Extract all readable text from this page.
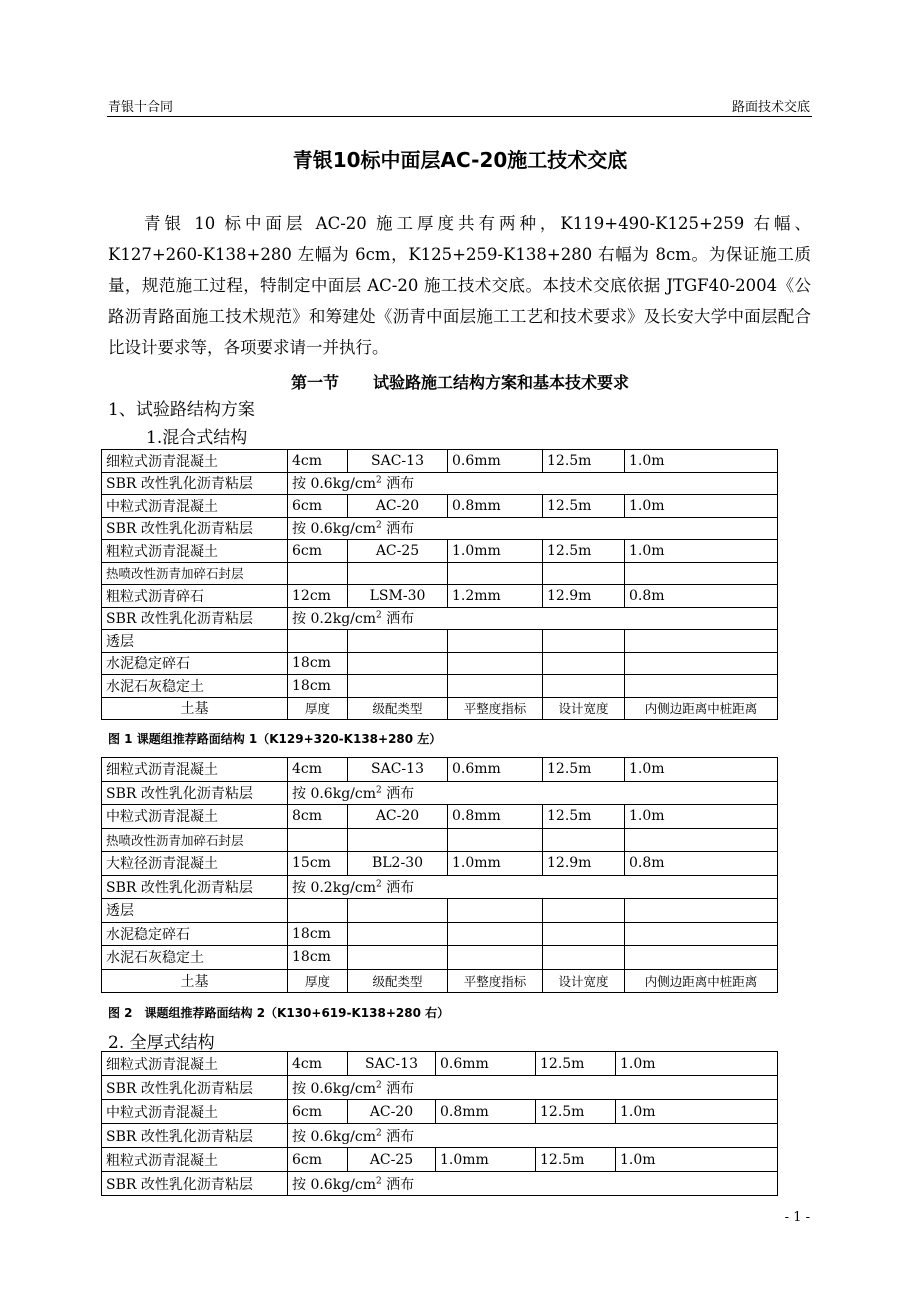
青银十合同	路面技术交底
青银10标中面层AC-20施工技术交底

青银 10 标中面层 AC-20 施工厚度共有两种，K119+490-K125+259 右幅、K127+260-K138+280 左幅为 6cm，K125+259-K138+280 右幅为 8cm。为保证施工质量，规范施工过程，特制定中面层 AC-20 施工技术交底。本技术交底依据 JTGF40-2004《公路沥青路面施工技术规范》和筹建处《沥青中面层施工工艺和技术要求》及长安大学中面层配合比设计要求等，各项要求请一并执行。

第一节 试验路施工结构方案和基本技术要求
1、试验路结构方案
1.混合式结构
细粒式沥青混凝土	4cm	SAC-13	0.6mm	12.5m	1.0m
SBR 改性乳化沥青粘层	按 $0.6kg/cm^2$ 洒布				
中粒式沥青混凝土	6cm	AC-20	0.8mm	12.5m	1.0m
SBR 改性乳化沥青粘层	按 $0.6kg/cm^2$ 洒布				
粗粒式沥青混凝土	6cm	AC-25	1.0mm	12.5m	1.0m
热喷改性沥青加碎石封层					
粗粒式沥青碎石	12cm	LSM-30	1.2mm	12.9m	0.8m
SBR 改性乳化沥青粘层	按 $0.2kg/cm^2$ 洒布				
透层					
水泥稳定碎石	18cm				
水泥石灰稳定土	18cm				
土基	厚度	级配类型	平整度指标	设计宽度	内侧边距离中桩距离
图 1 课题组推荐路面结构 1（K129+320-K138+280 左）
细粒式沥青混凝土	4cm	SAC-13	0.6mm	12.5m	1.0m
SBR 改性乳化沥青粘层	按 $0.6kg/cm^2$ 洒布				
中粒式沥青混凝土	8cm	AC-20	0.8mm	12.5m	1.0m
热喷改性沥青加碎石封层					
大粒径沥青混凝土	15cm	BL2-30	1.0mm	12.9m	0.8m
SBR 改性乳化沥青粘层	按 $0.2kg/cm^2$ 洒布				
透层					
水泥稳定碎石	18cm				
水泥石灰稳定土	18cm				
土基	厚度	级配类型	平整度指标	设计宽度	内侧边距离中桩距离
图 2　课题组推荐路面结构 2（K130+619-K138+280 右）
2. 全厚式结构
细粒式沥青混凝土	4cm	SAC-13	0.6mm	12.5m	1.0m
SBR 改性乳化沥青粘层	按 $0.6kg/cm^2$ 洒布				
中粒式沥青混凝土	6cm	AC-20	0.8mm	12.5m	1.0m
SBR 改性乳化沥青粘层	按 $0.6kg/cm^2$ 洒布				
粗粒式沥青混凝土	6cm	AC-25	1.0mm	12.5m	1.0m
SBR 改性乳化沥青粘层	按 $0.6kg/cm^2$ 洒布				
- 1 -
